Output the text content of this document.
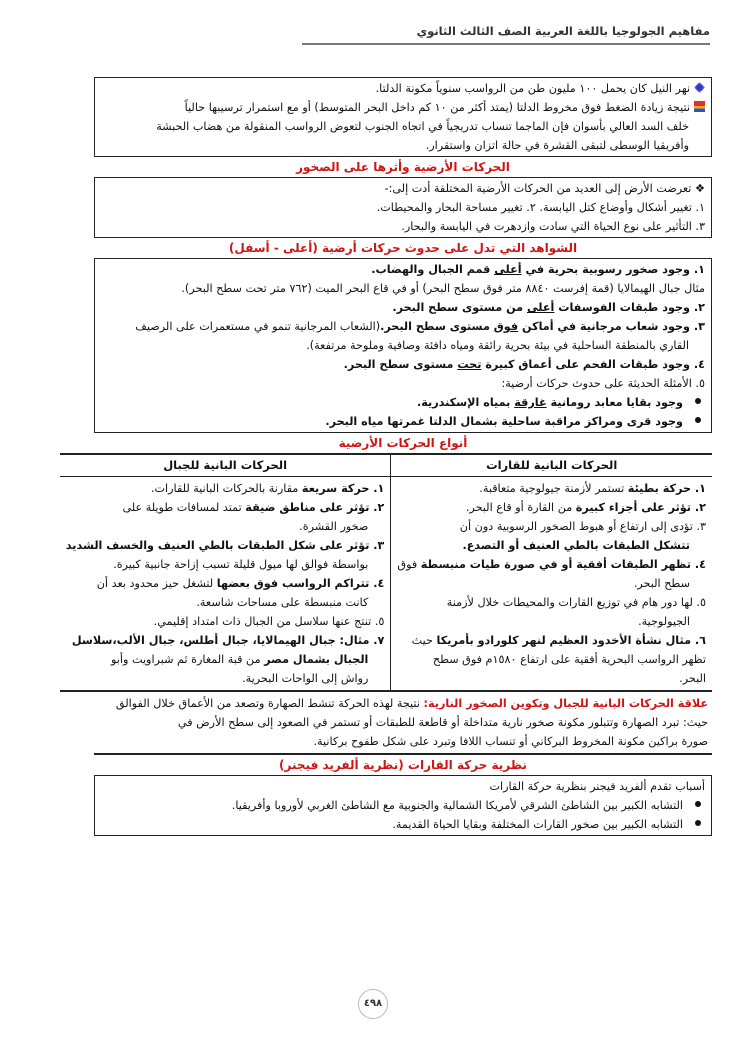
مفاهيم الجولوجيا باللغة العربية الصف الثالث الثانوي
نهر النيل كان يحمل ١٠٠ مليون طن من الرواسب سنوياً مكونة الدلتا.
نتيجة زيادة الضغط فوق مخروط الدلتا (يمتد أكثر من ١٠ كم داخل البحر المتوسط) أو مع استمرار ترسيبها حالياً
خلف السد العالي بأسوان فإن الماجما تنساب تدريجياً في اتجاه الجنوب لتعوض الرواسب المنقولة من هضاب الحبشة
وأفريقيا الوسطى لتبقى القشرة في حالة اتزان واستقرار.
الحركات الأرضية وأثرها على الصخور
❖ تعرضت الأرض إلى العديد من الحركات الأرضية المختلفة أدت إلى:-
١. تغيير أشكال وأوضاع كتل اليابسة. ٢. تغيير مساحة البحار والمحيطات.
٣. التأثير على نوع الحياة التي سادت وازدهرت في اليابسة والبحار.
الشواهد التي تدل على حدوث حركات أرضية (أعلى - أسفل)
١. وجود صخور رسوبية بحرية في أعلى قمم الجبال والهضاب.
مثال جبال الهيمالايا (قمة إفرست ٨٨٤٠ متر فوق سطح البحر) أو في قاع البحر الميت (٧٦٢ متر تحت سطح البحر).
٢. وجود طبقات الفوسفات أعلى من مستوى سطح البحر.
٣. وجود شعاب مرجانية في أماكن فوق مستوى سطح البحر.(الشعاب المرجانية تنمو في مستعمرات على الرصيف
القاري بالمنطقة الساحلية في بيئة بحرية رائقة ومياه دافئة وصافية وملوحة مرتفعة).
٤. وجود طبقات الفحم على أعماق كبيرة تحت مستوى سطح البحر.
٥. الأمثلة الحديثة على حدوث حركات أرضية:
وجود بقايا معابد رومانية غارقة بمياه الإسكندرية.
وجود قرى ومراكز مراقبة ساحلية بشمال الدلتا غمرتها مياه البحر.
أنواع الحركات الأرضية
الحركات البانية للقارات	الحركات البانية للجبال

١. حركة بطيئة تستمر لأزمنة جيولوجية متعاقبة.
٢. تؤثر على أجزاء كبيرة من القارة أو قاع البحر.
٣. تؤدى إلى ارتفاع أو هبوط الصخور الرسوبية دون أن
تتشكل الطبقات بالطي العنيف أو التصدع.
٤. تظهر الطبقات أفقية أو في صورة طيات منبسطة فوق
سطح البحر.
٥. لها دور هام في توزيع القارات والمحيطات خلال لأزمنة
الجيولوجية.
٦. مثال نشأة الأخدود العظيم لنهر كلورادو بأمريكا حيث
تظهر الرواسب البحرية أفقية على ارتفاع ١٥٨٠م فوق سطح
البحر.

١. حركة سريعة مقارنة بالحركات البانية للقارات.
٢. تؤثر على مناطق ضيقة تمتد لمسافات طويلة على
صخور القشرة.
٣. تؤثر على شكل الطبقات بالطي العنيف والخسف الشديد
بواسطة فوالق لها ميول قليلة تسبب إزاحة جانبية كبيرة.
٤. تتراكم الرواسب فوق بعضها لتشغل حيز محدود بعد أن
كانت منبسطة على مساحات شاسعة.
٥. تنتج عنها سلاسل من الجبال ذات امتداد إقليمي.
٧. مثال: جبال الهيمالايا، جبال أطلس، جبال الألب،سلاسل
الجبال بشمال مصر من قبة المغارة ثم شبراويت وأبو
رواش إلى الواحات البحرية.
علاقة الحركات البانية للجبال وتكوين الصخور النارية: نتيجة لهذه الحركة تنشط الصهارة وتصعد من الأعماق خلال الفوالق
حيث: تبرد الصهارة وتتبلور مكونة صخور نارية متداخلة أو قاطعة للطبقات أو تستمر في الصعود إلى سطح الأرض في
صورة براكين مكونة المخروط البركاني أو تنساب اللافا وتبرد على شكل طفوح بركانية.
نظرية حركة القارات (نظرية ألفريد فيجنر)
أسباب تقدم ألفريد فيجنر بنظرية حركة القارات
التشابه الكبير بين الشاطئ الشرقي لأمريكا الشمالية والجنوبية مع الشاطئ الغربي لأوروبا وأفريقيا.
التشابه الكبير بين صخور القارات المختلفة وبقايا الحياة القديمة.
٤٩٨
